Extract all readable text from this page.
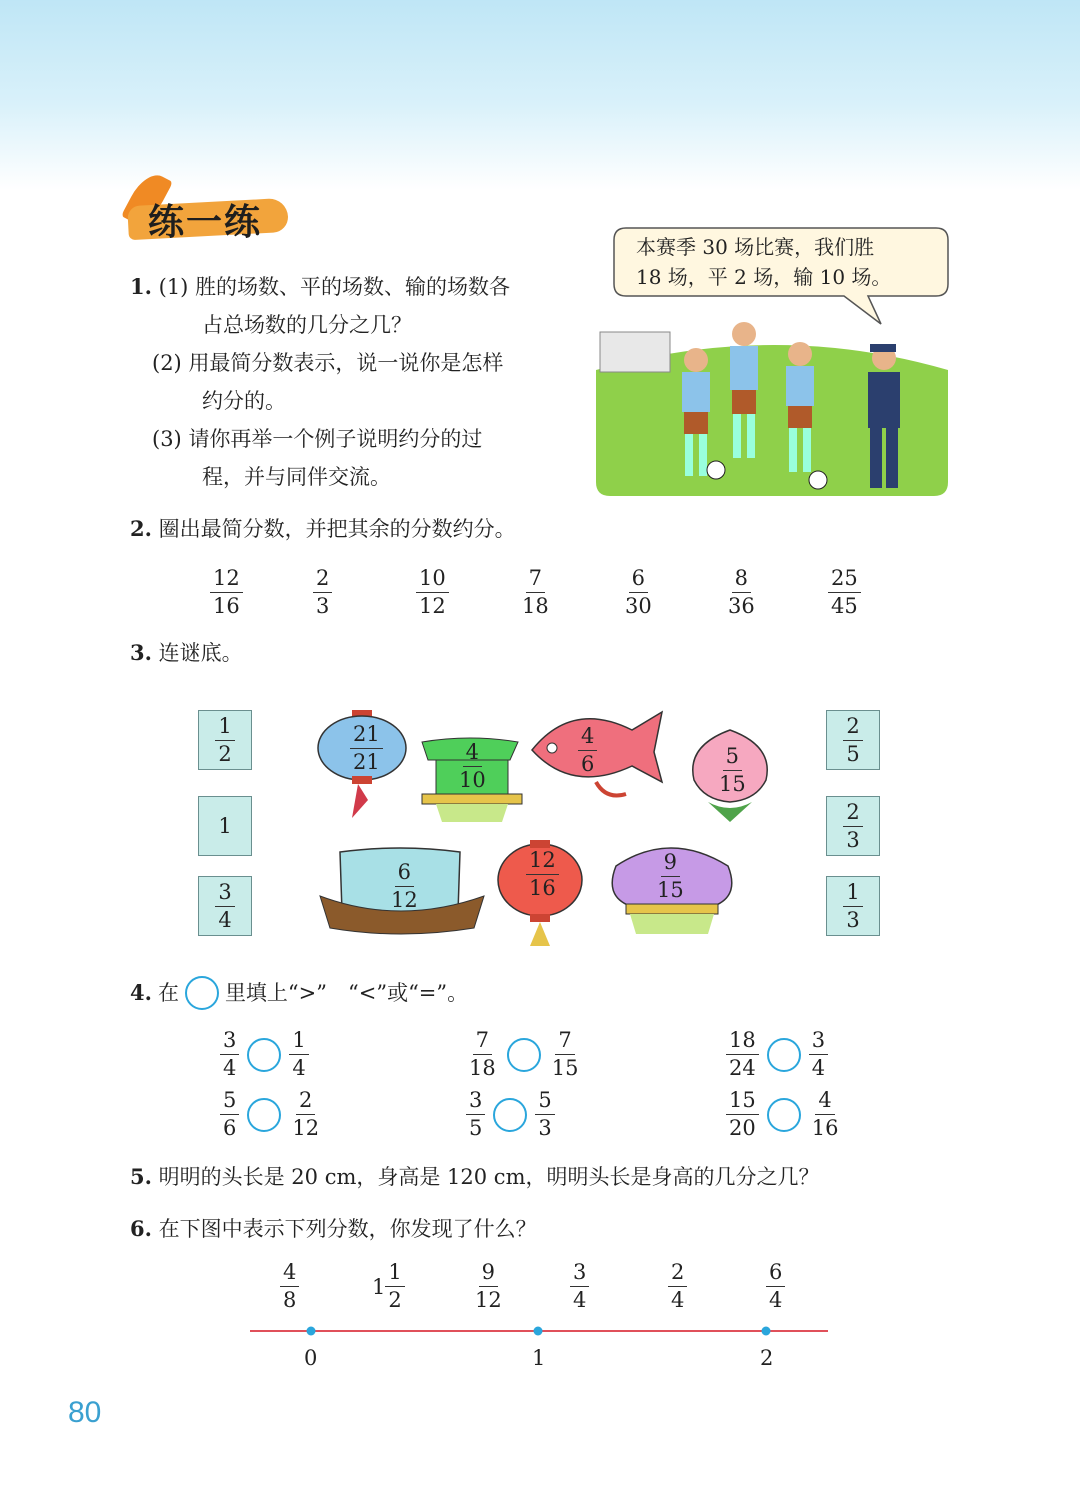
练一练
1. (1) 胜的场数、平的场数、输的场数各
占总场数的几分之几？
(2) 用最简分数表示，说一说你是怎样
约分的。
(3) 请你再举一个例子说明约分的过
程，并与同伴交流。
本赛季 30 场比赛，我们胜
18 场，平 2 场，输 10 场。
2. 圈出最简分数，并把其余的分数约分。
$\frac{12}{16}$	$\frac{2}{3}$	$\frac{10}{12}$	$\frac{7}{18}$	$\frac{6}{30}$	$\frac{8}{36}$	$\frac{25}{45}$
3. 连谜底。
$\frac{1}{2}$
1
$\frac{3}{4}$
$\frac{2}{5}$
$\frac{2}{3}$
$\frac{1}{3}$
$\frac{21}{21}$	$\frac{4}{10}$	$\frac{4}{6}$	$\frac{5}{15}$
$\frac{6}{12}$	$\frac{12}{16}$	$\frac{9}{15}$
4. 在 里填上“>”　“<”或“=”。
$\frac{3}{4} \frac{1}{4}$	$\frac{7}{18} \frac{7}{15}$	$\frac{18}{24} \frac{3}{4}$
$\frac{5}{6} \frac{2}{12}$	$\frac{3}{5} \frac{5}{3}$	$\frac{15}{20} \frac{4}{16}$
5. 明明的头长是 20 cm，身高是 120 cm，明明头长是身高的几分之几？
6. 在下图中表示下列分数，你发现了什么？
$\frac{4}{8}$	$1 \frac{1}{2}$	$\frac{9}{12}$	$\frac{3}{4}$	$\frac{2}{4}$	$\frac{6}{4}$
0	1	2
80
